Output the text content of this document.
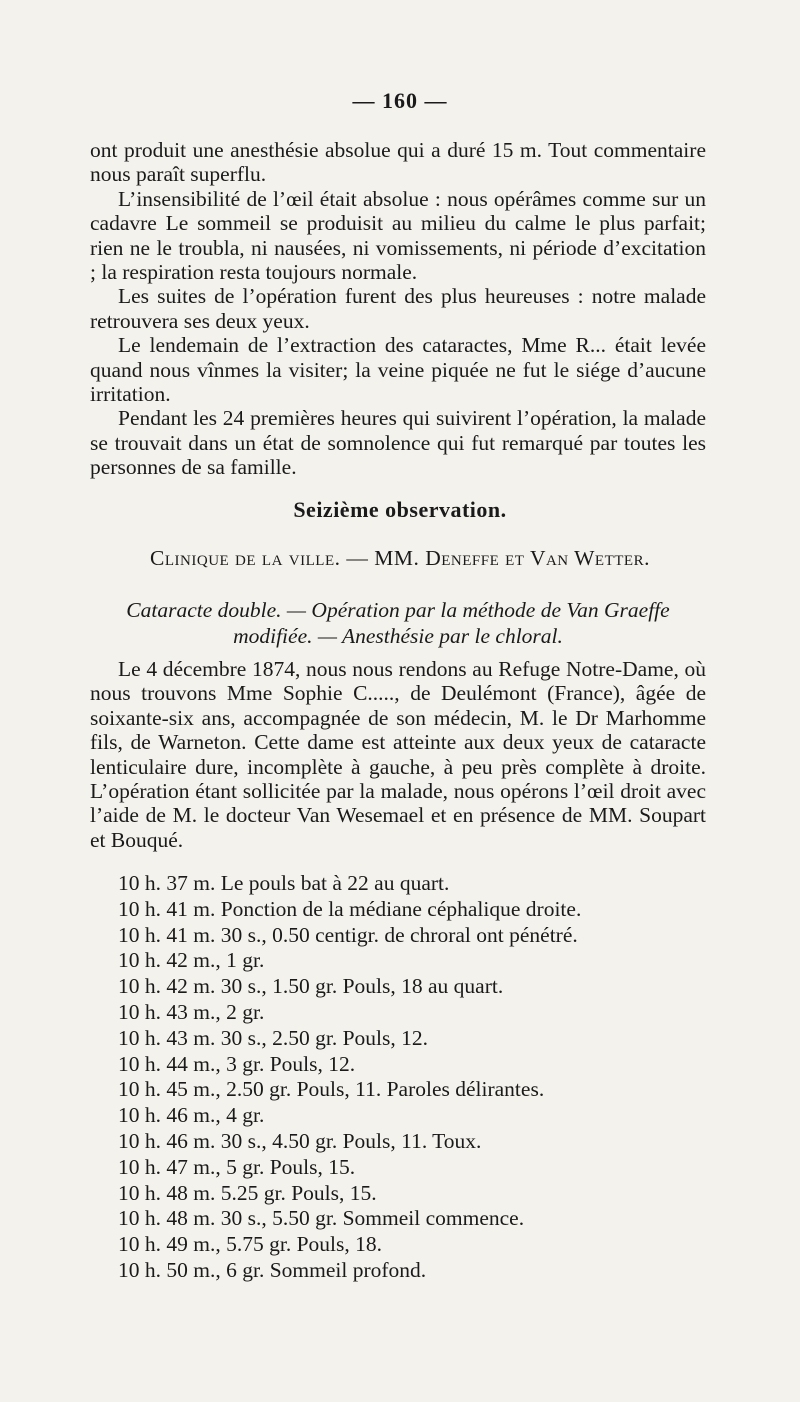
— 160 —

ont produit une anesthésie absolue qui a duré 15 m. Tout commentaire nous paraît superflu.

L’insensibilité de l’œil était absolue : nous opérâmes comme sur un cadavre Le sommeil se produisit au milieu du calme le plus parfait; rien ne le troubla, ni nausées, ni vomissements, ni période d’excitation ; la respiration resta toujours normale.

Les suites de l’opération furent des plus heureuses : notre malade retrouvera ses deux yeux.

Le lendemain de l’extraction des cataractes, Mme R... était levée quand nous vînmes la visiter; la veine piquée ne fut le siége d’aucune irritation.

Pendant les 24 premières heures qui suivirent l’opération, la malade se trouvait dans un état de somnolence qui fut remarqué par toutes les personnes de sa famille.

Seizième observation.
Clinique de la ville. — MM. Deneffe et Van Wetter.
Cataracte double. — Opération par la méthode de Van Graeffe
modifiée. — Anesthésie par le chloral.

Le 4 décembre 1874, nous nous rendons au Refuge Notre-Dame, où nous trouvons Mme Sophie C....., de Deulémont (France), âgée de soixante-six ans, accompagnée de son médecin, M. le Dr Marhomme fils, de Warneton. Cette dame est atteinte aux deux yeux de cataracte lenticulaire dure, incomplète à gauche, à peu près complète à droite. L’opération étant sollicitée par la malade, nous opérons l’œil droit avec l’aide de M. le docteur Van Wesemael et en présence de MM. Soupart et Bouqué.

10 h. 37 m. Le pouls bat à 22 au quart.
10 h. 41 m. Ponction de la médiane céphalique droite.
10 h. 41 m. 30 s., 0.50 centigr. de chroral ont pénétré.
10 h. 42 m., 1 gr.
10 h. 42 m. 30 s., 1.50 gr. Pouls, 18 au quart.
10 h. 43 m., 2 gr.
10 h. 43 m. 30 s., 2.50 gr. Pouls, 12.
10 h. 44 m., 3 gr. Pouls, 12.
10 h. 45 m., 2.50 gr. Pouls, 11. Paroles délirantes.
10 h. 46 m., 4 gr.
10 h. 46 m. 30 s., 4.50 gr. Pouls, 11. Toux.
10 h. 47 m., 5 gr. Pouls, 15.
10 h. 48 m. 5.25 gr. Pouls, 15.
10 h. 48 m. 30 s., 5.50 gr. Sommeil commence.
10 h. 49 m., 5.75 gr. Pouls, 18.
10 h. 50 m., 6 gr. Sommeil profond.
